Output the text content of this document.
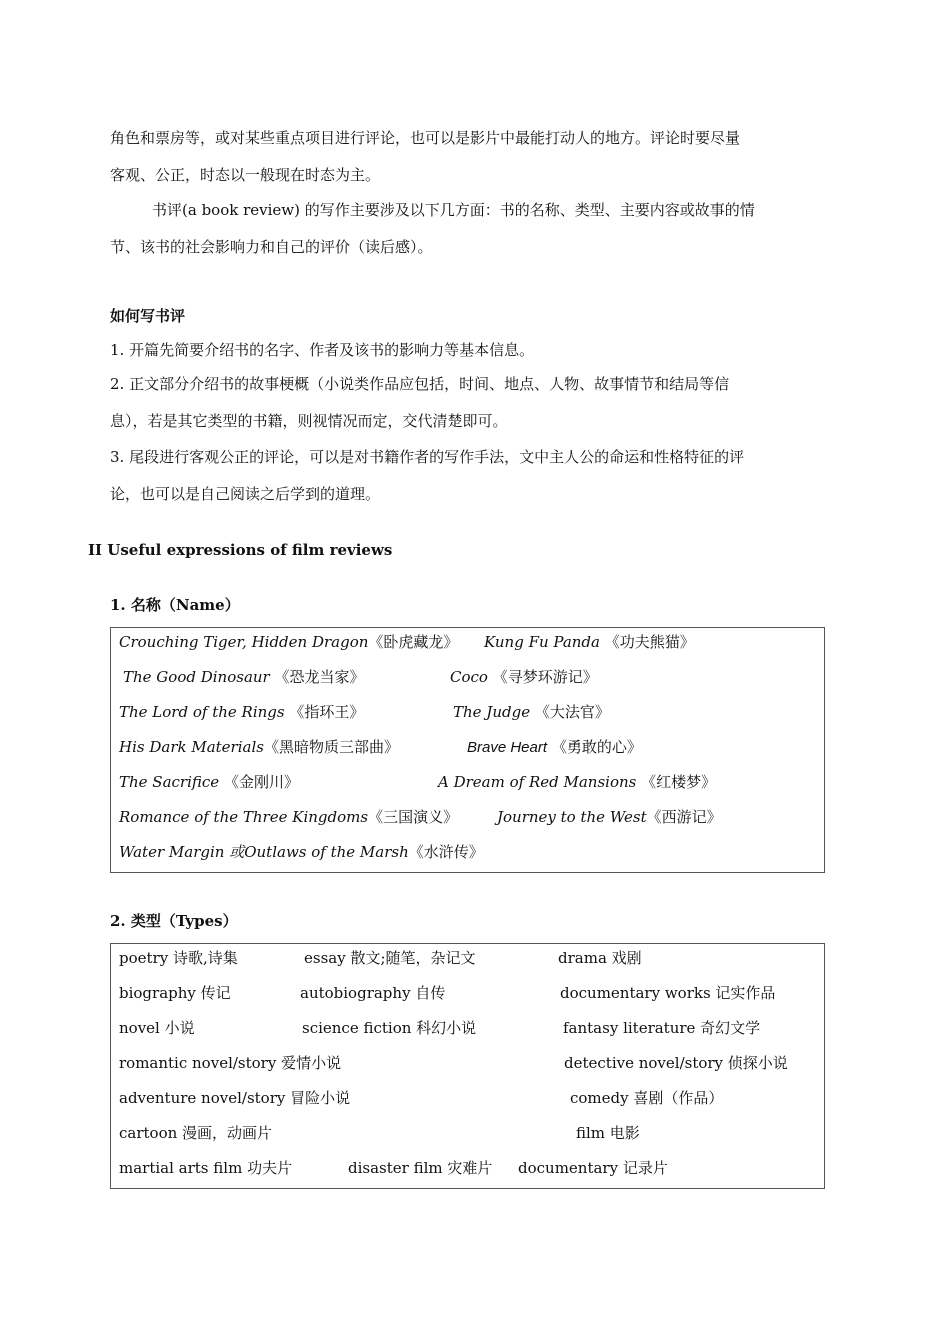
角色和票房等，或对某些重点项目进行评论，也可以是影片中最能打动人的地方。评论时要尽量
客观、公正，时态以一般现在时态为主。
书评(a book review) 的写作主要涉及以下几方面：书的名称、类型、主要内容或故事的情
节、该书的社会影响力和自己的评价（读后感）。
如何写书评
1. 开篇先简要介绍书的名字、作者及该书的影响力等基本信息。
2. 正文部分介绍书的故事梗概（小说类作品应包括，时间、地点、人物、故事情节和结局等信
息），若是其它类型的书籍，则视情况而定，交代清楚即可。
3. 尾段进行客观公正的评论，可以是对书籍作者的写作手法，文中主人公的命运和性格特征的评
论，也可以是自己阅读之后学到的道理。
II Useful expressions of film reviews
1. 名称（Name）
Crouching Tiger, Hidden Dragon《卧虎藏龙》 Kung Fu Panda 《功夫熊猫》
The Good Dinosaur 《恐龙当家》	Coco 《寻梦环游记》
The Lord of the Rings 《指环王》	The Judge 《大法官》
His Dark Materials《黑暗物质三部曲》	Brave Heart 《勇敢的心》
The Sacrifice 《金刚川》	A Dream of Red Mansions 《红楼梦》
Romance of the Three Kingdoms《三国演义》	Journey to the West《西游记》
Water Margin 或Outlaws of the Marsh《水浒传》
2. 类型（Types）
poetry 诗歌,诗集	essay 散文;随笔，杂记文	drama 戏剧
biography 传记	autobiography 自传	documentary works 记实作品
novel 小说	science fiction 科幻小说	fantasy literature 奇幻文学
romantic novel/story 爱情小说	detective novel/story 侦探小说
adventure novel/story 冒险小说	comedy 喜剧（作品）
cartoon 漫画，动画片	film 电影
martial arts film 功夫片	disaster film 灾难片 documentary 记录片
